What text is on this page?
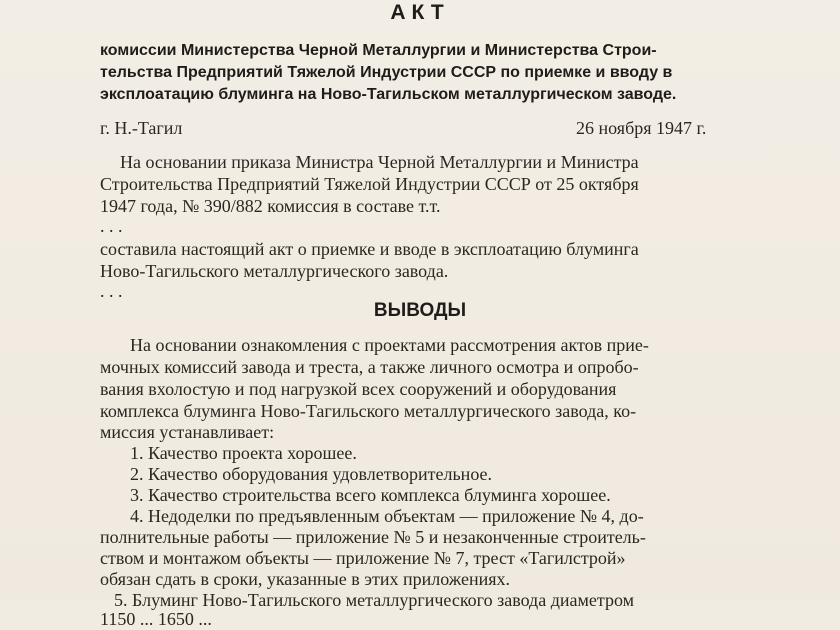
АКТ
комиссии Министерства Черной Металлургии и Министерства Строи-
тельства Предприятий Тяжелой Индустрии СССР по приемке и вводу в
эксплоатацию блуминга на Ново-Тагильском металлургическом заводе.
г. Н.-Тагил	26 ноября 1947 г.
На основании приказа Министра Черной Металлургии и Министра
Строительства Предприятий Тяжелой Индустрии СССР от 25 октября
1947 года, № 390/882 комиссия в составе т.т.
. . .
составила настоящий акт о приемке и вводе в эксплоатацию блуминга
Ново-Тагильского металлургического завода.
. . .
ВЫВОДЫ
На основании ознакомления с проектами рассмотрения актов прие-
мочных комиссий завода и треста, а также личного осмотра и опробо-
вания вхолостую и под нагрузкой всех сооружений и оборудования
комплекса блуминга Ново-Тагильского металлургического завода, ко-
миссия устанавливает:
1. Качество проекта хорошее.
2. Качество оборудования удовлетворительное.
3. Качество строительства всего комплекса блуминга хорошее.
4. Недоделки по предъявленным объектам — приложение № 4, до-
полнительные работы — приложение № 5 и незаконченные строитель-
ством и монтажом объекты — приложение № 7, трест «Тагилстрой»
обязан сдать в сроки, указанные в этих приложениях.
5. Блуминг Ново-Тагильского металлургического завода диаметром
1150 ... 1650 ...
